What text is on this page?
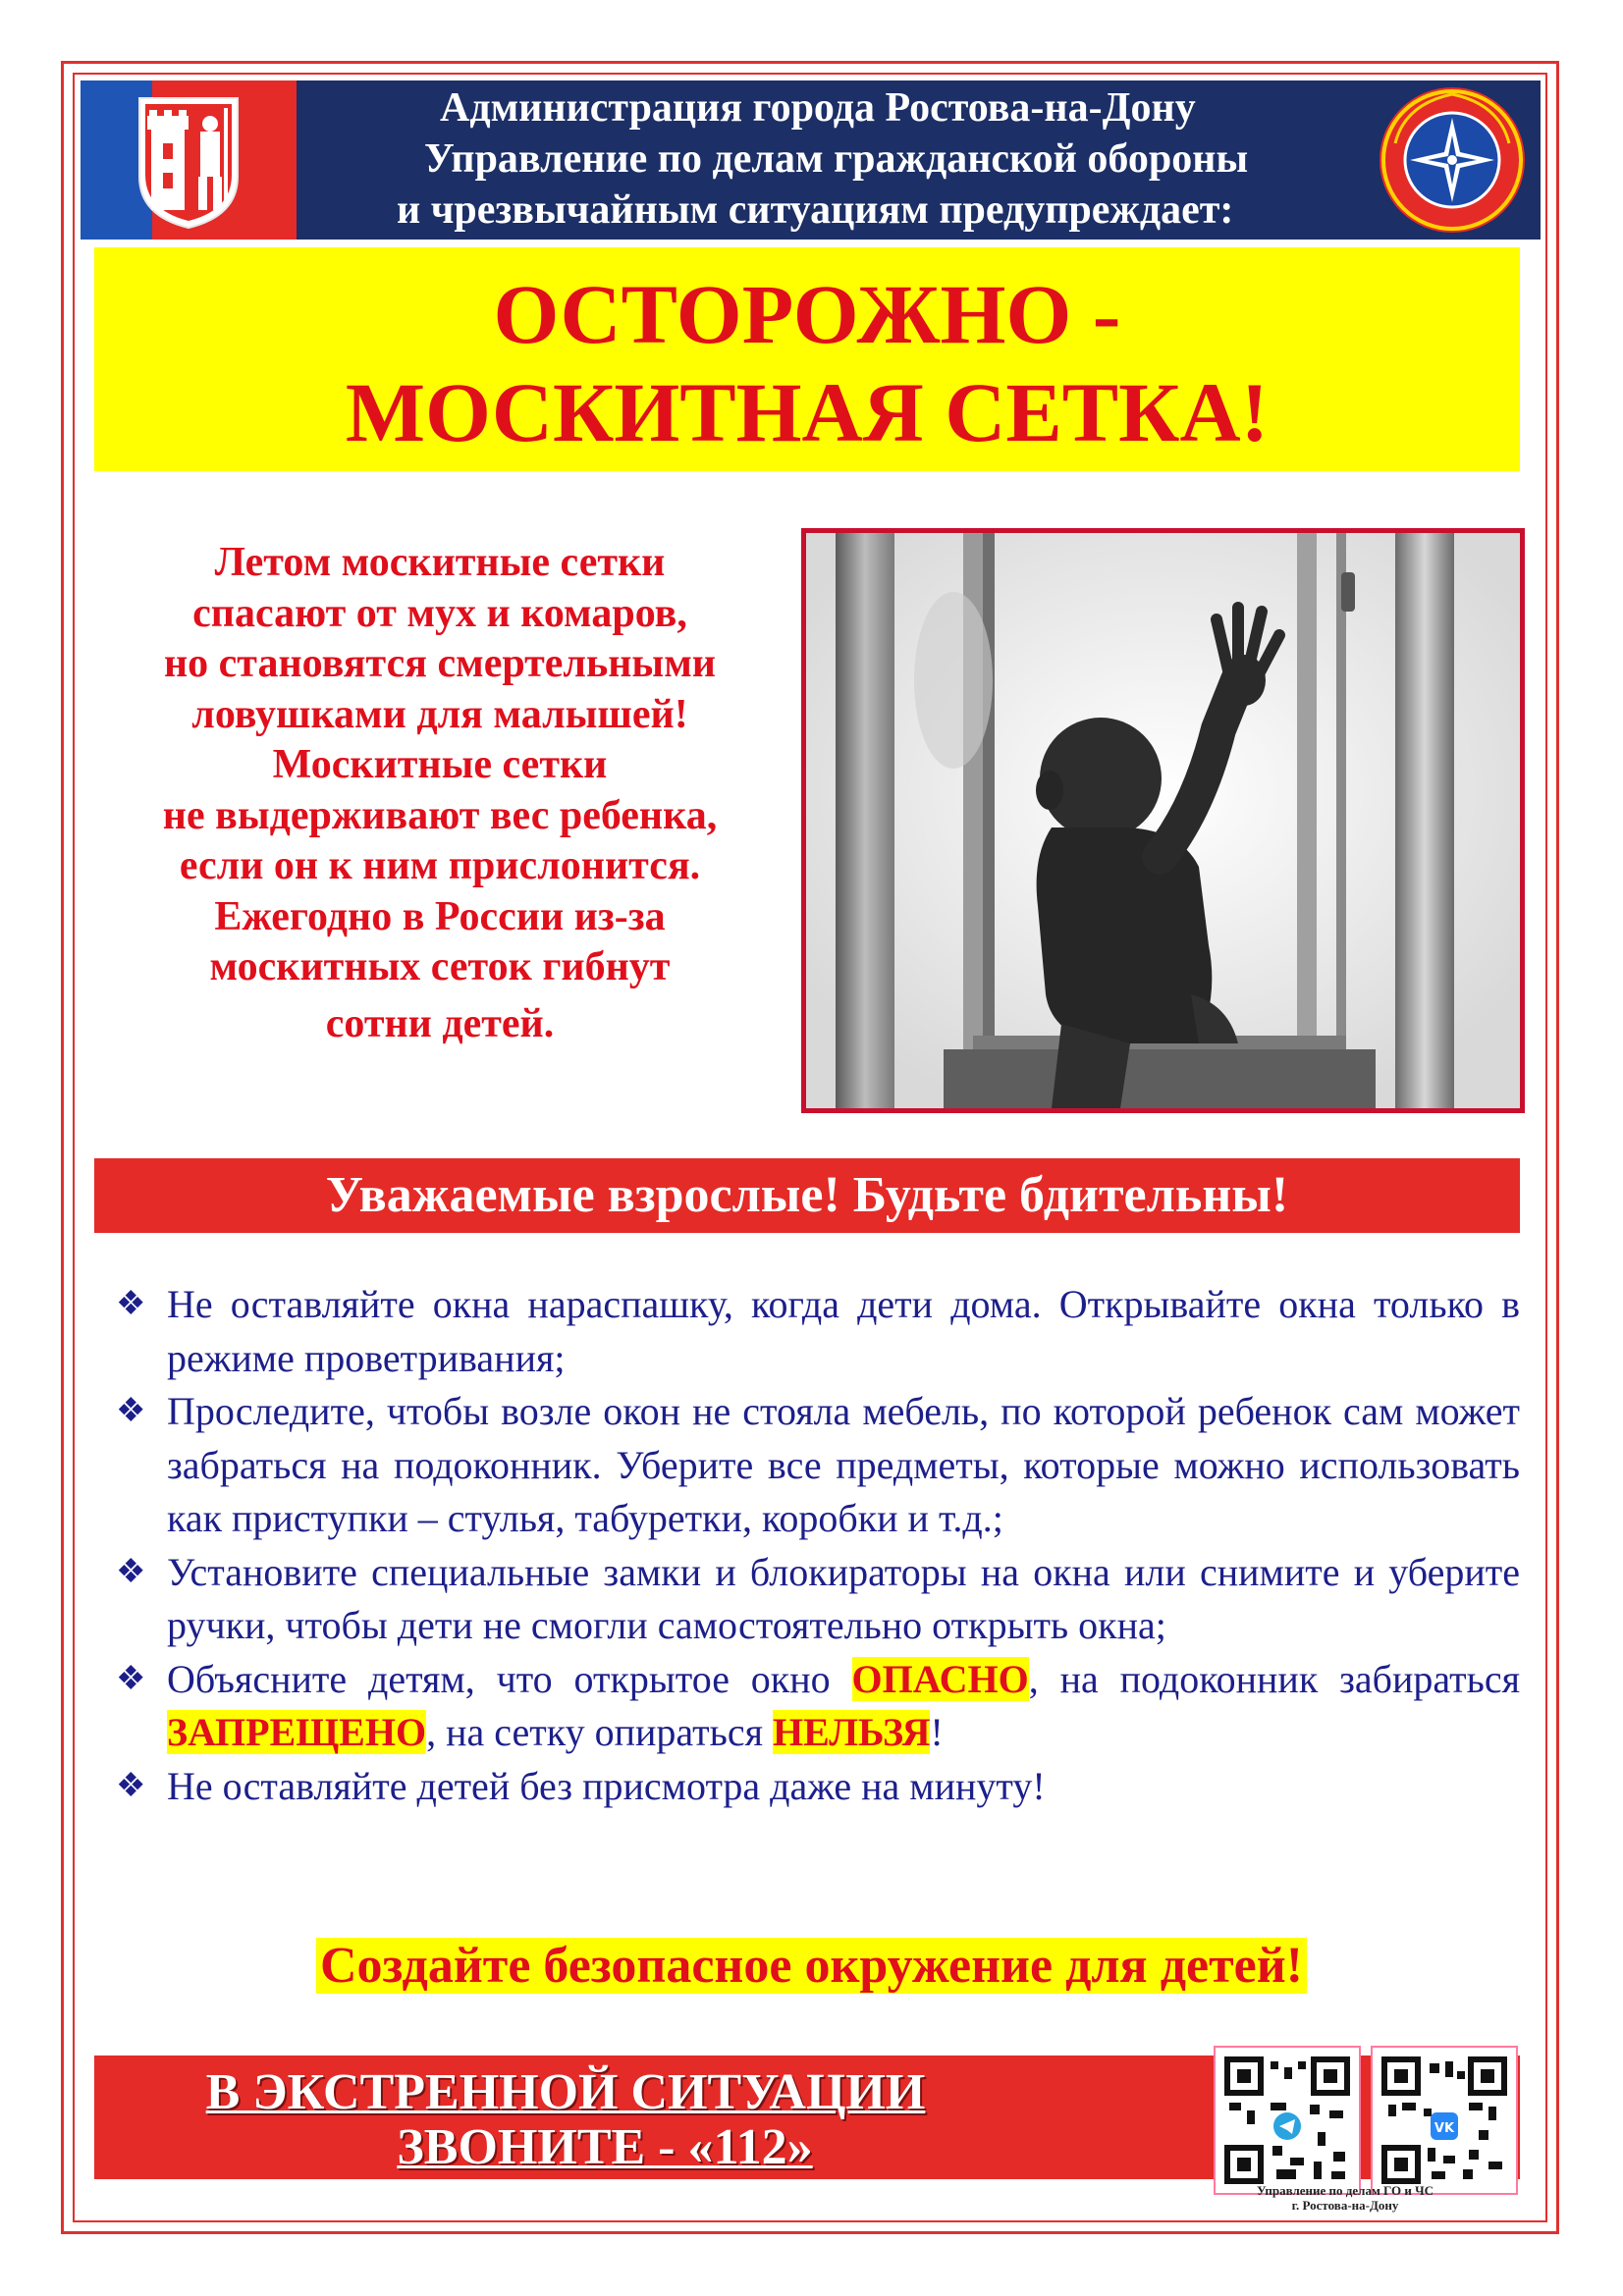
Администрация города Ростова-на-Дону
Управление по делам гражданской обороны
и чрезвычайным ситуациям предупреждает:
ОСТОРОЖНО -
МОСКИТНАЯ СЕТКА!
Летом москитные сетки
спасают от мух и комаров,
но становятся смертельными
ловушками для малышей!
Москитные сетки
не выдерживают вес ребенка,
если он к ним прислонится.
Ежегодно в России из-за
москитных сеток гибнут
сотни детей.
Уважаемые взрослые! Будьте бдительны!
❖ Не оставляйте окна нараспашку, когда дети дома. Открывайте окна только в режиме проветривания;
❖ Проследите, чтобы возле окон не стояла мебель, по которой ребенок сам может забраться на подоконник. Уберите все предметы, которые можно использовать как приступки – стулья, табуретки, коробки и т.д.;
❖ Установите специальные замки и блокираторы на окна или снимите и уберите ручки, чтобы дети не смогли самостоятельно открыть окна;
❖ Объясните детям, что открытое окно ОПАСНО, на подоконник забираться ЗАПРЕЩЕНО, на сетку опираться НЕЛЬЗЯ!
❖ Не оставляйте детей без присмотра даже на минуту!
Создайте безопасное окружение для детей!
В ЭКСТРЕННОЙ СИТУАЦИИ
ЗВОНИТЕ - «112»	VK
Управление по делам ГО и ЧС
г. Ростова-на-Дону
